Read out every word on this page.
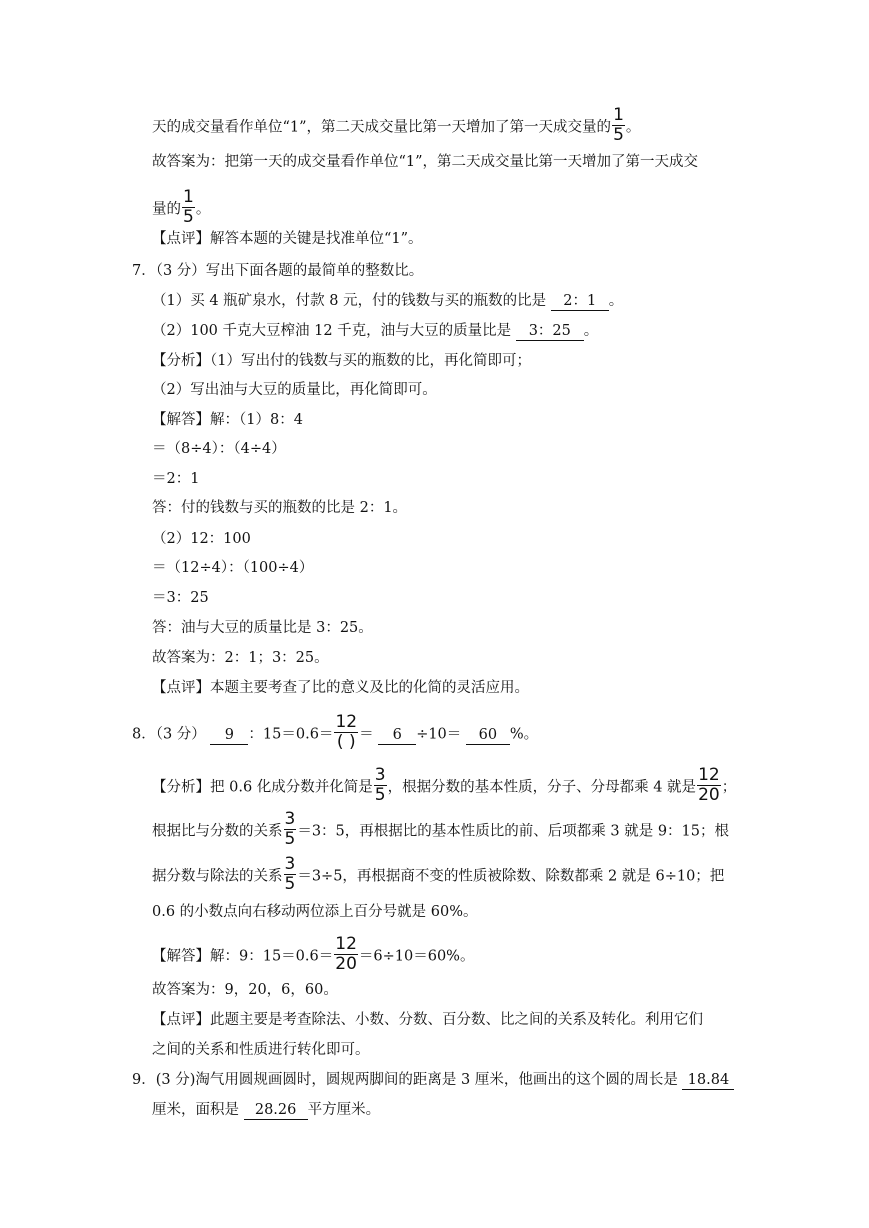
天的成交量看作单位“1”，第二天成交量比第一天增加了第一天成交量的 $\frac{1}{5}$ 。
故答案为：把第一天的成交量看作单位“1”，第二天成交量比第一天增加了第一天成交
量的 $\frac{1}{5}$ 。
【点评】解答本题的关键是找准单位“1”。
7．（3 分）写出下面各题的最简单的整数比。
（1）买 4 瓶矿泉水，付款 8 元，付的钱数与买的瓶数的比是 2：1 。
（2）100 千克大豆榨油 12 千克，油与大豆的质量比是 3：25 。
【分析】（1）写出付的钱数与买的瓶数的比，再化简即可；
（2）写出油与大豆的质量比，再化简即可。
【解答】解：（1）8：4
＝（8÷4）：（4÷4）
＝2：1
答：付的钱数与买的瓶数的比是 2：1。
（2）12：100
＝（12÷4）：（100÷4）
＝3：25
答：油与大豆的质量比是 3：25。
故答案为：2：1；3：25。
【点评】本题主要考查了比的意义及比的化简的灵活应用。
8．（3 分） 9 ：$15=0.6= \frac{12}{( )} = 6 \div 10= 60$ %。
【分析】把 0.6 化成分数并化简是 $\frac{3}{5}$ ，根据分数的基本性质，分子、分母都乘 4 就是 $\frac{12}{20}$ ；
根据比与分数的关系 $\frac{3}{5} =3$：5，再根据比的基本性质比的前、后项都乘 3 就是 9：15；根
据分数与除法的关系 $\frac{3}{5} =3\div 5$，再根据商不变的性质被除数、除数都乘 2 就是 6÷10；把
0.6 的小数点向右移动两位添上百分号就是 60%。
【解答】解：9：$15=0.6= \frac{12}{20} =6\div 10=60\%$。
故答案为：9，20，6，60。
【点评】此题主要是考查除法、小数、分数、百分数、比之间的关系及转化。利用它们
之间的关系和性质进行转化即可。
9．(3 分)淘气用圆规画圆时，圆规两脚间的距离是 3 厘米，他画出的这个圆的周长是 18.84
厘米，面积是 28.26 平方厘米。
